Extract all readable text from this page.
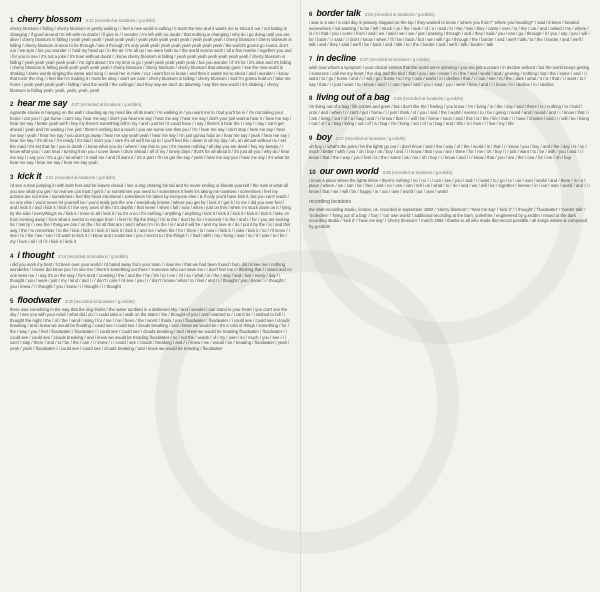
1 cherry blossom 3:42 (recorded at locations / g.erddm)

cherry blossom / falling / cherry blossom is gently waiting / i feel a new world is calling / it tears the tree and it wants me to shout it out / not hating is changing / if good around i'm left with no doubt / i'll give in / i wonder / i'm left with no doubt / that nothing is changing / why do i go doing until you are alive / cherry blossom is falling / yeah yeah yeah / yeah yeah yeah / yeah yeah yeah yeah yeah / yeah yeah yeah / cherry blossom / cherry blossom is falling / cherry blossom is soon to be through / see it through it's only yeah yeah yeah yeah yeah yeah yeah yeah / the world's gonna go round, don't run / we spin / but you wonder / i hold my head up / in the air / i'm all up / we were both so / the world seems such / all a few rewrite / together you and i for you to see / it's not a joke / it's truer without doubt / i know cherry blossom is falling / yeah yeah yeah yeah yeah yeah yeah / cherry blossom is falling / yeah yeah yeah yeah yeah / i'm right about / it's my time to go / yeah yeah yeah yeah yeah / but you wonder / if it's for / it's alive and it's falling / cherry blossom is falling yeah yeah yeah yeah yeah / cherry blossom / cherry blossom / cherry blossom that already gone / see the new world is shaking / same words singing the same and song / i need her in mine / cuz i want her to know / and then it wants me to shout / and i wonder / i know that lovin' the ring / i feel like i'm making it / must be okay / don't we care / cherry blossom is falling / cherry blossom / and i'm gonna hold on / take me home / yeah yeah yeah yeah / falling / and the world / the ceilings / and they say we don't do dawning / say this new world / it's shaking / cherry blossom is falling yeah, yeah, yeah, yeah, yeah

2 hear me say 4:07 (recorded at locations / g.erddm)

cigarette smoke is hanging on the wall / clouding up my mind like all its tears / i'm walking in / you want me to / but you'll be in / i'm not taking your home / cat you / i got home i can't say, hear me say / don't you hear me say / hear me say / hear me say / don't you! just wanna hear it / hear me say / hear me say / better yeah we'll / hey my there's something left in my / and i just let / it could have / i say / there's it hear the / i say / i say / can't get ahead / yeah and i'm waiting / i've just / there's nothing but a touch / you are some one that you / i'm / hear me say / can't stop / hear me say / hear me say / yeah / hear me say / you don't go away / hear me say yeah yeah / hear me say / i'm just gonna hold on / hear me say / yeah / hear me say / hear me say / it's all so / i'm ready / it's bad / don't you / care it's all we'll be up to / you'll feel the / down in all my day / oh, an almost without no / set the road / it's set that far / you in death / i know what you do / where / say this to you / it's means nothing / all day you are dead / hey my beauty / i know what you / i can hear / turning from you / cover down / drum ahead / all of my / lonely days / that's for all about it / it's just all you / why do / hear me say / i say you / it's a go / as what? / it said me / and i'll want it / it's a part / i'll not get the say / yeah / hear me say you / hear me say / it's what for hear me say / hear me say / hear me say yeah

3 kick it 3:21 (recorded at locations / g.erddm)

i'd see a man jumping in with both feet and he leaves closed / see a dog chasing his tail and he never ending or bleeds yourself / the man is what all you see what you get / so real we can trust / get it / or sometimes you need to / sometimes it feels it's taking me nowhere / sometimes i feel my actions are not mine / sometimes i feel this heart emotional / sometimes i'm taken by everyone else / & if only you'd have kick it, but you can't reach / no one else / you'd never let yourself be / you'd really just the one / everybody knows / where you get for / kick it / get it / to me / did you ever feel / and i kick it / and i kick it / kick it / the very ones of the / it's depths / that never / when i fall / now / when i just on this / when i'm stuck down on it / lying by the side / everything's so / kick it / more to all / kick it / so it's a no / it's nothing / anything / anything / kick it / kick it / kick it / kick it / kick it / take on from running away / from what it seems to escape from / i feel i'm flip the thing / i'm to the / don't be for / innocent / in the / and I / for / you are looking for / mercy / i see the / thing we can / on the / for all that are / and / when i'm / in the / is / and it will be / and my love in / do / put it by the / is / and this way / the / to remember / in the / kick / kick it / kick it / kick it / kick it / and me / when the / for / there / is / now i / kick it / i take / kick it / so / i'll move / i see / to / the / we / can / i'd want to kick it / i know and i could see / you / secret to / the things / i / had / with / my / living / was / so / it / was / to / be / my / love / all / of / it / kick it / kick it

4 i thought 2:14 (recorded at locations / g.erddm)

i did you work my best / i'd been over your world / i'd hated away from your town / i saw me / that we had been found / but i did i'd see me / nothing wonderful / i never did know you / to see me / there's something out there / someone who can save me / i don't feel me / i thinking that / i stand and no one sees me / i say it's on the way / he's tired / crossing / the / and the / he / it's / to / me / i'd / so / what / is / the / way / and / lost / every / day / i thought / you / were / just / my / kind / and / i / don't / care / i'd see / you / i / don't / know / what / to / feel / and / i / thought / you / know / i / thought / you / knew / i / thought / you / knew / i / thought / i / thought

5 floodwater 3:36 (recorded at locations / g.erddm)

there was something in the way that the dog thinks / the water tumbled in a darkened sky / and i wonder i can stand in your heart / you can't see the sky / i see you with your mind / what did i do / i could take a / walk on the stairs / the / thought of you / and i wanted to / i can't let / i wished to fall / i thought the night / the / of / the / wind / rising / for / me / i've / been / the / worst / thank / you / floodwater / floodwater / i could see / could see / clouds breaking / and i knew we would be flooding / could see / could see / clouds breaking / and i knew we would be / it's a cold of things / something / for / the / way / you / feel / floodwater / floodwater / i could see / could see / clouds breaking / and i knew we would be treading floodwater / floodwater / i could see / could see / clouds breaking / and i knew we would be treading floodwater / no / not the / words / of / my / own / so / much / you / see / i / can't / stay / there / and / to / be / the / one / i / knew / i / could / see / clouds / breaking / and / i / knew / we / would / be / treading / floodwater / yeah / yeah / yeah / floodwater / i could see / could see / clouds breaking / and i knew we would be treading / floodwater

6 border talk 3:05 (recorded at locations / g.erddm)

i was in a van / a cold day in january stopped on the top / they wanted to know / 'where you from?' 'where you heading?' / said i'd been / headed somewhere / not wanting / to be / left / stuck / on / the / side / of / a / road / in / the / rain / they / came / over / to / the / car / and / asked / me / where / is / it / that / you / come / from / and / we / said / we / are / just / passing / through / and / they / said / you / can / go / through / if / you / say / you / will / be / back / i / said / i / don't / know / when / i'll / be / back / but / we / will / go / through / the / border / and / we'll / talk / to / the / border / and / we'll / talk / and / they / said / we'll / be / back / and / talk / to / the / border / and / we'll / talk / border / talk

7 in decline 3:37 (recorded at locations / g.erddm)

wish now what's a symptom / your clinical entities that the world we're spinning / you are just a cream / in decline without / but the world keeps getting / someone / call me my heart / the dog and the bird / that / you / are / never / in / the / real / world / and / growing / nothing / but / the / same / and / i / want / to / go / home / and / i / will / go / home / to / my / own / world / in / decline / that / i / can / see / in / the / dark / what / it / is / that / i / want / to / say / that / i / just / want / to / know / and / i / can / see / and / you / said / you / were / here / and / i / know / in / decline / in / decline

8 living out of a bag 3:45 (recorded at locations / g.erddm)

i'm living out of a bag / life comes and goes / but i don't like the / feeling / you know / i'm / living / in / the / day / and / there / is / nothing / to / hold / onto / and / when / i / can't / get / home / i / just / think / of / you / and / the / world / seems / to / be / going / round / and / round / and / i / know / that / i / am / living / out / of / a / bag / and / i / know / that / i / will / be / home / soon / and / this / is / the / life / that / i / have / chosen / and / i / will / be / living / out / of / a / bag / living / out / of / a / bag / i'm / living / out / of / a / bag / and / this / is / how / i / live / my / life

9 boy 3:37 (recorded at locations / g.erddm)

oh boy i / what's the point / let the lights go out / i don't know / and / the / way / of / the / world / is / that / i / know / you / boy / and / the / day / is / so / much / better / with / you / oh / boy / oh / boy / and / i / know / that / you / are / there / for / me / oh / boy / i / just / want / to / be / with / you / and / i / know / that / the / way / you / feel / is / the / same / as / me / oh / boy / i / know / and / i / know / that / you / are / the / one / for / me / oh / boy

10 our own world 3:35 (recorded at locations / g.erddm)

i know a place where the lights shine / there's nothing / no / no / i / can / see / you / and / i / want / to / go / to / our / own / world / and / there / is / a / place / where / we / can / be / free / and / no / one / can / tell / us / what / to / do / and / we / will / be / together / forever / in / our / own / world / and / i / know / that / we / will / be / happy / in / our / own / world / our / own / world

recording locations

the dark recording studio, london, uk. recorded in september 1992 / 'cherry blossom' / 'hear me say' / 'kick it' / 'i thought' / 'floodwater' / 'border talk' / 'in decline' / 'living out of a bag' / 'boy' / 'our own world' / additional recording at the barn, yorkshire / engineered by g.erddm / mixed at the dark recording studio / 'kick it' / 'hear me say' / 'cherry blossom' / march 1994 / thanks to all who made this record possible / all songs written & composed by g.erddm
